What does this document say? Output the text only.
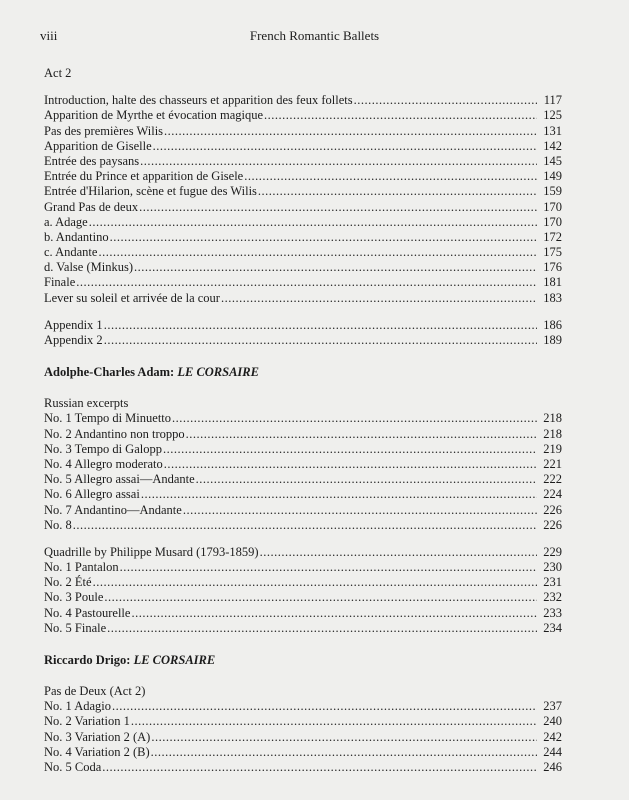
viii	French Romantic Ballets
Act 2
Introduction, halte des chasseurs et apparition des feux follets .....	117
Apparition de Myrthe et évocation magique .....	125
Pas des premières Wilis .....	131
Apparition de Giselle .....	142
Entrée des paysans .....	145
Entrée du Prince et apparition de Gisele .....	149
Entrée d'Hilarion, scène et fugue des Wilis .....	159
Grand Pas de deux .....	170
a. Adage .....	170
b. Andantino .....	172
c. Andante .....	175
d. Valse (Minkus) .....	176
Finale .....	181
Lever su soleil et arrivée de la cour .....	183
Appendix 1 .....	186
Appendix 2 .....	189
Adolphe-Charles Adam: LE CORSAIRE
Russian excerpts
No. 1 Tempo di Minuetto .....	218
No. 2 Andantino non troppo .....	218
No. 3 Tempo di Galopp .....	219
No. 4 Allegro moderato .....	221
No. 5 Allegro assai—Andante .....	222
No. 6 Allegro assai .....	224
No. 7 Andantino—Andante .....	226
No. 8 .....	226
Quadrille by Philippe Musard (1793-1859) .....	229
No. 1 Pantalon .....	230
No. 2 Été .....	231
No. 3 Poule .....	232
No. 4 Pastourelle .....	233
No. 5 Finale .....	234
Riccardo Drigo: LE CORSAIRE
Pas de Deux (Act 2)
No. 1 Adagio .....	237
No. 2 Variation 1 .....	240
No. 3 Variation 2 (A) .....	242
No. 4 Variation 2 (B) .....	244
No. 5 Coda .....	246
